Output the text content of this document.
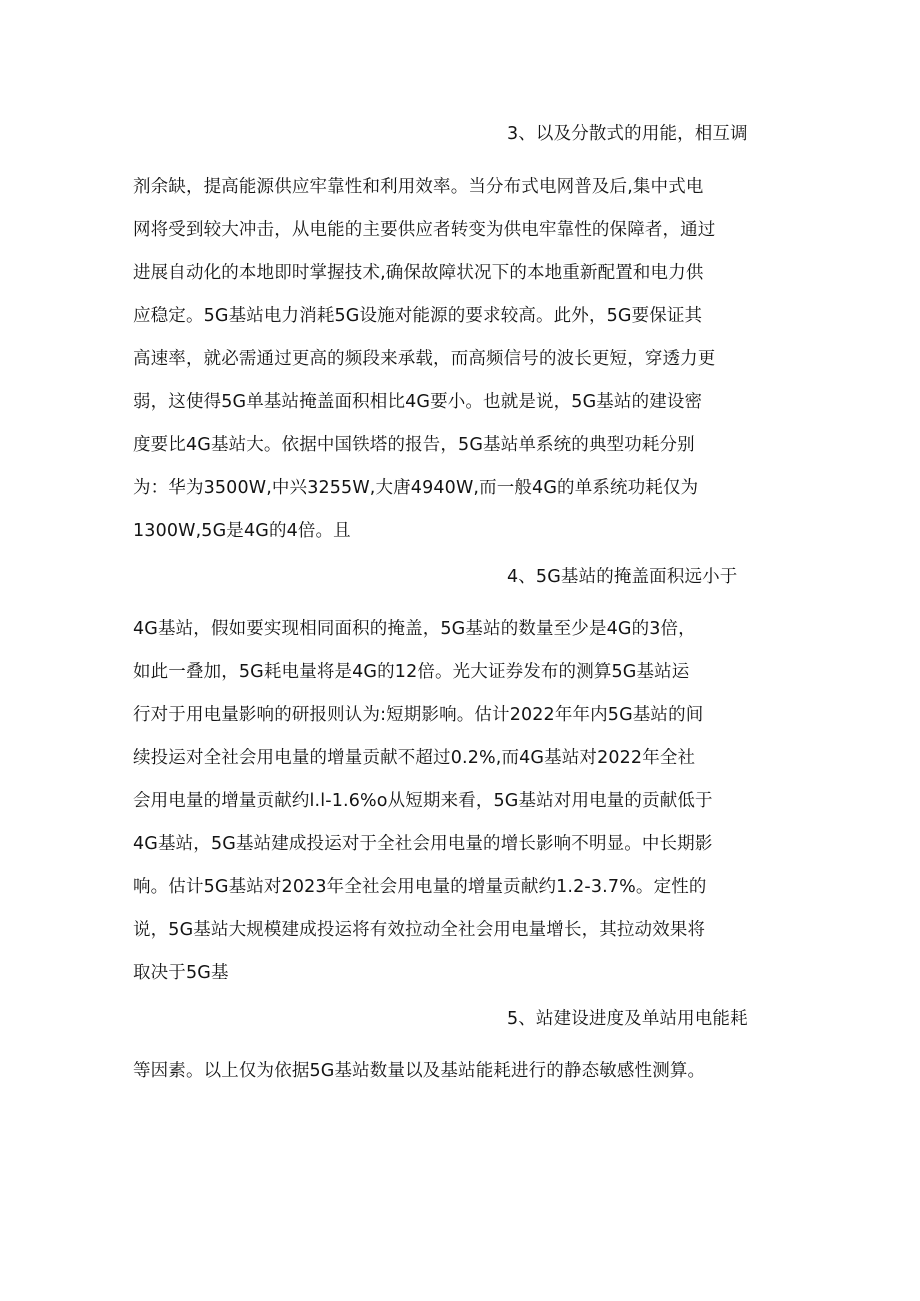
3、以及分散式的用能，相互调
剂余缺，提高能源供应牢靠性和利用效率。当分布式电网普及后,集中式电
网将受到较大冲击，从电能的主要供应者转变为供电牢靠性的保障者，通过
进展自动化的本地即时掌握技术,确保故障状况下的本地重新配置和电力供
应稳定。5G基站电力消耗5G设施对能源的要求较高。此外，5G要保证其
高速率，就必需通过更高的频段来承载，而高频信号的波长更短，穿透力更
弱，这使得5G单基站掩盖面积相比4G要小。也就是说，5G基站的建设密
度要比4G基站大。依据中国铁塔的报告，5G基站单系统的典型功耗分别
为：华为3500W,中兴3255W,大唐4940W,而一般4G的单系统功耗仅为
1300W,5G是4G的4倍。且
4、5G基站的掩盖面积远小于
4G基站，假如要实现相同面积的掩盖，5G基站的数量至少是4G的3倍，
如此一叠加，5G耗电量将是4G的12倍。光大证券发布的测算5G基站运
行对于用电量影响的研报则认为:短期影响。估计2022年年内5G基站的间
续投运对全社会用电量的增量贡献不超过0.2%,而4G基站对2022年全社
会用电量的增量贡献约l.l-1.6%o从短期来看，5G基站对用电量的贡献低于
4G基站，5G基站建成投运对于全社会用电量的增长影响不明显。中长期影
响。估计5G基站对2023年全社会用电量的增量贡献约1.2-3.7%。定性的
说，5G基站大规模建成投运将有效拉动全社会用电量增长，其拉动效果将
取决于5G基
5、站建设进度及单站用电能耗
等因素。以上仅为依据5G基站数量以及基站能耗进行的静态敏感性测算。
